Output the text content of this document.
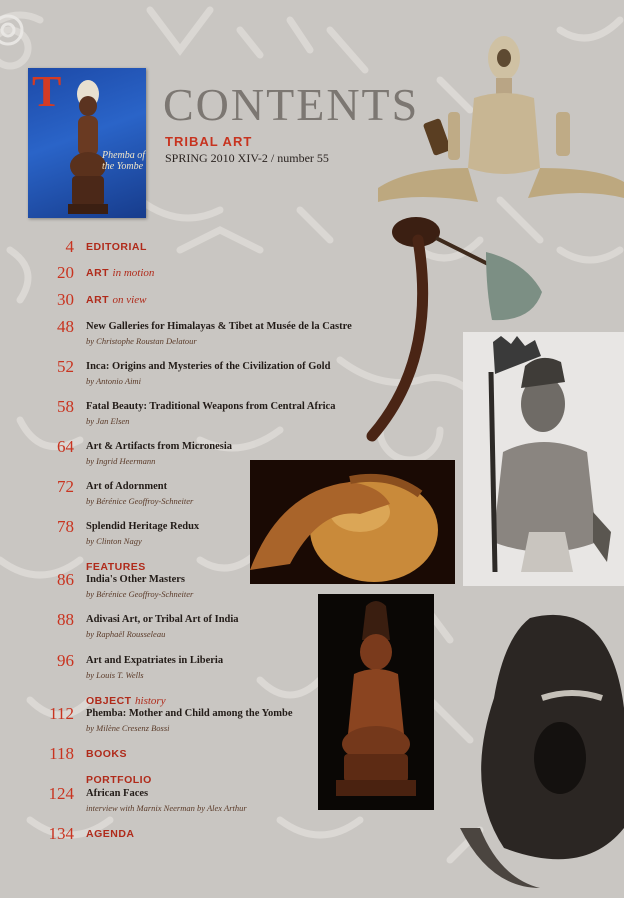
T
Phemba of the Yombe
CONTENTS
TRIBAL ART
SPRING 2010 XIV-2 / number 55
4 EDITORIAL
20 ART in motion
30 ART on view
48 New Galleries for Himalayas & Tibet at Musée de la Castre
by Christophe Roustan Delatour
52 Inca: Origins and Mysteries of the Civilization of Gold
by Antonio Aimi
58 Fatal Beauty: Traditional Weapons from Central Africa
by Jan Elsen
64 Art & Artifacts from Micronesia
by Ingrid Heermann
72 Art of Adornment
by Bérénice Geoffroy-Schneiter
78 Splendid Heritage Redux
by Clinton Nagy
FEATURES
86 India's Other Masters
by Bérénice Geoffroy-Schneiter
88 Adivasi Art, or Tribal Art of India
by Raphaël Rousseleau
96 Art and Expatriates in Liberia
by Louis T. Wells
OBJECT history
112 Phemba: Mother and Child among the Yombe
by Milène Cresenz Bossi
118 BOOKS
PORTFOLIO
124 African Faces
interview with Marnix Neerman by Alex Arthur
134 AGENDA
